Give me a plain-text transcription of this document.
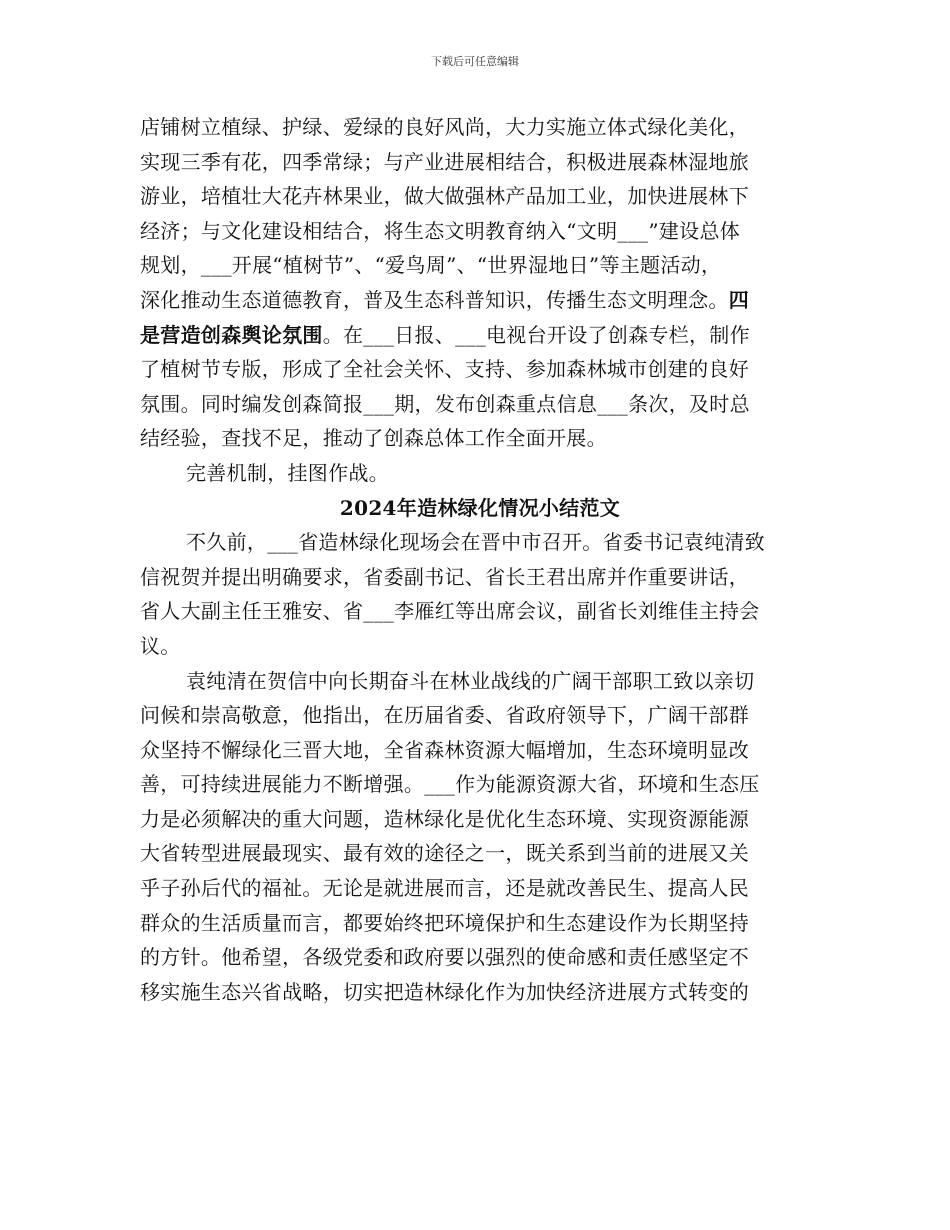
下载后可任意编辑
店铺树立植绿、护绿、爱绿的良好风尚，大力实施立体式绿化美化，
实现三季有花，四季常绿；与产业进展相结合，积极进展森林湿地旅
游业，培植壮大花卉林果业，做大做强林产品加工业，加快进展林下
经济；与文化建设相结合，将生态文明教育纳入“文明___”建设总体
规划，___开展“植树节”、“爱鸟周”、“世界湿地日”等主题活动，
深化推动生态道德教育，普及生态科普知识，传播生态文明理念。四
是营造创森舆论氛围。在___日报、___电视台开设了创森专栏，制作
了植树节专版，形成了全社会关怀、支持、参加森林城市创建的良好
氛围。同时编发创森简报___期，发布创森重点信息___条次，及时总
结经验，查找不足，推动了创森总体工作全面开展。
完善机制，挂图作战。
2024年造林绿化情况小结范文
不久前，___省造林绿化现场会在晋中市召开。省委书记袁纯清致
信祝贺并提出明确要求，省委副书记、省长王君出席并作重要讲话，
省人大副主任王雅安、省___李雁红等出席会议，副省长刘维佳主持会
议。
袁纯清在贺信中向长期奋斗在林业战线的广阔干部职工致以亲切
问候和崇高敬意，他指出，在历届省委、省政府领导下，广阔干部群
众坚持不懈绿化三晋大地，全省森林资源大幅增加，生态环境明显改
善，可持续进展能力不断增强。___作为能源资源大省，环境和生态压
力是必须解决的重大问题，造林绿化是优化生态环境、实现资源能源
大省转型进展最现实、最有效的途径之一，既关系到当前的进展又关
乎子孙后代的福祉。无论是就进展而言，还是就改善民生、提高人民
群众的生活质量而言，都要始终把环境保护和生态建设作为长期坚持
的方针。他希望，各级党委和政府要以强烈的使命感和责任感坚定不
移实施生态兴省战略，切实把造林绿化作为加快经济进展方式转变的
